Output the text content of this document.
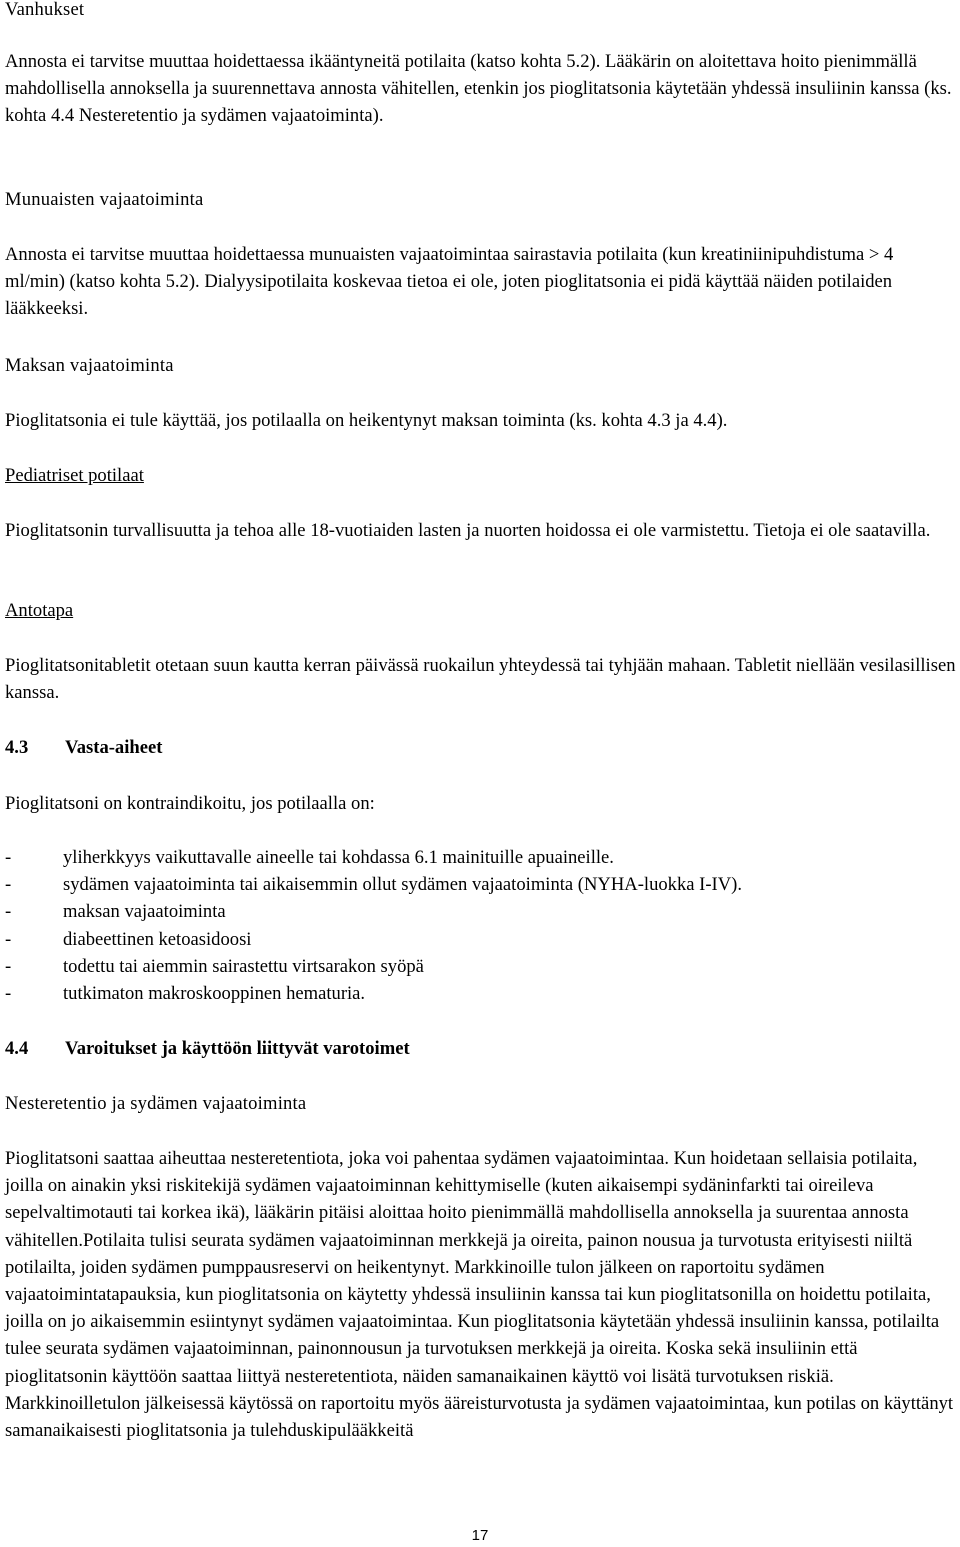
Vanhukset

Annosta ei tarvitse muuttaa hoidettaessa ikääntyneitä potilaita (katso kohta 5.2). Lääkärin on aloitettava hoito pienimmällä mahdollisella annoksella ja suurennettava annosta vähitellen, etenkin jos pioglitatsonia käytetään yhdessä insuliinin kanssa (ks. kohta 4.4 Nesteretentio ja sydämen vajaatoiminta).

Munuaisten vajaatoiminta

Annosta ei tarvitse muuttaa hoidettaessa munuaisten vajaatoimintaa sairastavia potilaita (kun kreatiniinipuhdistuma > 4 ml/min) (katso kohta 5.2). Dialyysipotilaita koskevaa tietoa ei ole, joten pioglitatsonia ei pidä käyttää näiden potilaiden lääkkeeksi.

Maksan vajaatoiminta

Pioglitatsonia ei tule käyttää, jos potilaalla on heikentynyt maksan toiminta (ks. kohta 4.3 ja 4.4).

Pediatriset potilaat

Pioglitatsonin turvallisuutta ja tehoa alle 18-vuotiaiden lasten ja nuorten hoidossa ei ole varmistettu. Tietoja ei ole saatavilla.

Antotapa

Pioglitatsonitabletit otetaan suun kautta kerran päivässä ruokailun yhteydessä tai tyhjään mahaan. Tabletit niellään vesilasillisen kanssa.

4.3 Vasta-aiheet

Pioglitatsoni on kontraindikoitu, jos potilaalla on:

-	yliherkkyys vaikuttavalle aineelle tai kohdassa 6.1 mainituille apuaineille.
-	sydämen vajaatoiminta tai aikaisemmin ollut sydämen vajaatoiminta (NYHA-luokka I-IV).
-	maksan vajaatoiminta
-	diabeettinen ketoasidoosi
-	todettu tai aiemmin sairastettu virtsarakon syöpä
-	tutkimaton makroskooppinen hematuria.

4.4 Varoitukset ja käyttöön liittyvät varotoimet

Nesteretentio ja sydämen vajaatoiminta

Pioglitatsoni saattaa aiheuttaa nesteretentiota, joka voi pahentaa sydämen vajaatoimintaa. Kun hoidetaan sellaisia potilaita, joilla on ainakin yksi riskitekijä sydämen vajaatoiminnan kehittymiselle (kuten aikaisempi sydäninfarkti tai oireileva sepelvaltimotauti tai korkea ikä), lääkärin pitäisi aloittaa hoito pienimmällä mahdollisella annoksella ja suurentaa annosta vähitellen.Potilaita tulisi seurata sydämen vajaatoiminnan merkkejä ja oireita, painon nousua ja turvotusta erityisesti niiltä potilailta, joiden sydämen pumppausreservi on heikentynyt. Markkinoille tulon jälkeen on raportoitu sydämen vajaatoimintatapauksia, kun pioglitatsonia on käytetty yhdessä insuliinin kanssa tai kun pioglitatsonilla on hoidettu potilaita, joilla on jo aikaisemmin esiintynyt sydämen vajaatoimintaa. Kun pioglitatsonia käytetään yhdessä insuliinin kanssa, potilailta tulee seurata sydämen vajaatoiminnan, painonnousun ja turvotuksen merkkejä ja oireita. Koska sekä insuliinin että pioglitatsonin käyttöön saattaa liittyä nesteretentiota, näiden samanaikainen käyttö voi lisätä turvotuksen riskiä. Markkinoilletulon jälkeisessä käytössä on raportoitu myös ääreisturvotusta ja sydämen vajaatoimintaa, kun potilas on käyttänyt samanaikaisesti pioglitatsonia ja tulehduskipulääkkeitä

17
